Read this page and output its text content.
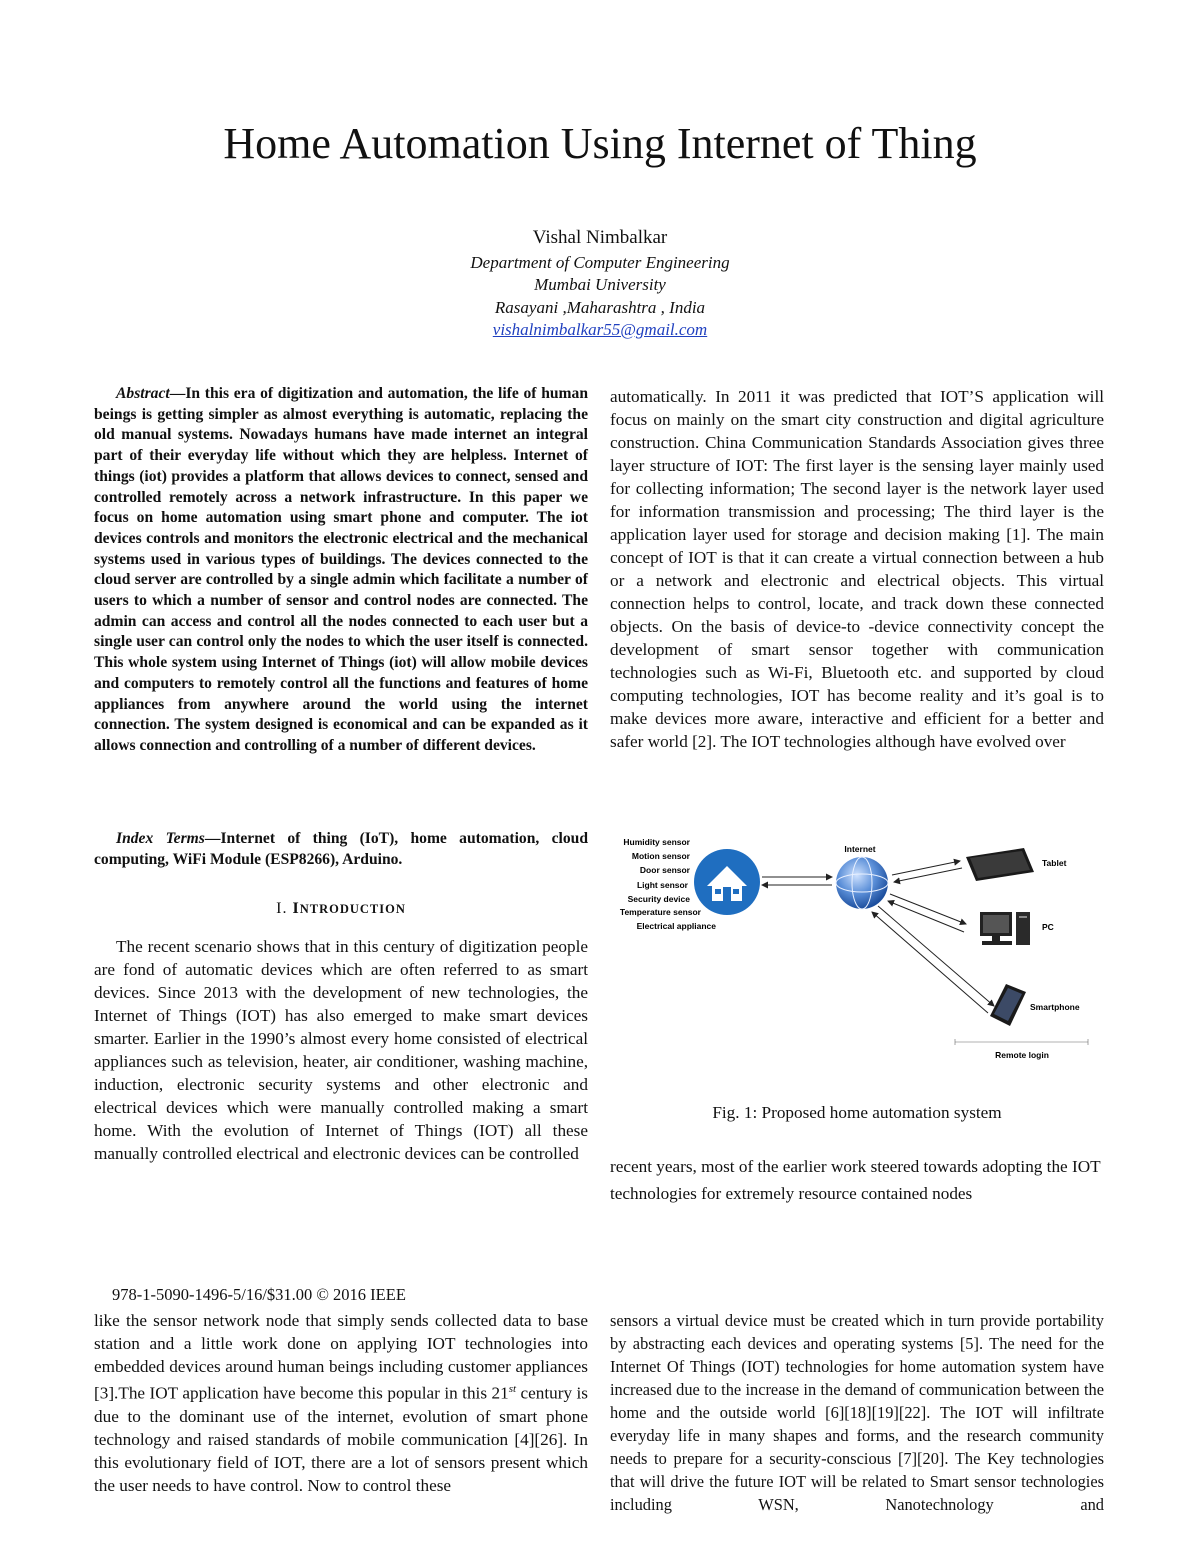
Home Automation Using Internet of Thing
Vishal Nimbalkar
Department of Computer Engineering
Mumbai University
Rasayani ,Maharashtra , India
vishalnimbalkar55@gmail.com
Abstract—In this era of digitization and automation, the life of human beings is getting simpler as almost everything is automatic, replacing the old manual systems. Nowadays humans have made internet an integral part of their everyday life without which they are helpless. Internet of things (iot) provides a platform that allows devices to connect, sensed and controlled remotely across a network infrastructure. In this paper we focus on home automation using smart phone and computer. The iot devices controls and monitors the electronic electrical and the mechanical systems used in various types of buildings. The devices connected to the cloud server are controlled by a single admin which facilitate a number of users to which a number of sensor and control nodes are connected. The admin can access and control all the nodes connected to each user but a single user can control only the nodes to which the user itself is connected. This whole system using Internet of Things (iot) will allow mobile devices and computers to remotely control all the functions and features of home appliances from anywhere around the world using the internet connection. The system designed is economical and can be expanded as it allows connection and controlling of a number of different devices.
Index Terms—Internet of thing (IoT), home automation, cloud computing, WiFi Module (ESP8266), Arduino.
I. INTRODUCTION
The recent scenario shows that in this century of digitization people are fond of automatic devices which are often referred to as smart devices. Since 2013 with the development of new technologies, the Internet of Things (IOT) has also emerged to make smart devices smarter. Earlier in the 1990’s almost every home consisted of electrical appliances such as television, heater, air conditioner, washing machine, induction, electronic security systems and other electronic and electrical devices which were manually controlled making a smart home. With the evolution of Internet of Things (IOT) all these manually controlled electrical and electronic devices can be controlled
automatically. In 2011 it was predicted that IOT’S application will focus on mainly on the smart city construction and digital agriculture construction. China Communication Standards Association gives three layer structure of IOT: The first layer is the sensing layer mainly used for collecting information; The second layer is the network layer used for information transmission and processing; The third layer is the application layer used for storage and decision making [1]. The main concept of IOT is that it can create a virtual connection between a hub or a network and electronic and electrical objects. This virtual connection helps to control, locate, and track down these connected objects. On the basis of device-to -device connectivity concept the development of smart sensor together with communication technologies such as Wi-Fi, Bluetooth etc. and supported by cloud computing technologies, IOT has become reality and it’s goal is to make devices more aware, interactive and efficient for a better and safer world [2]. The IOT technologies although have evolved over
Humidity sensor
Motion sensor
Door sensor
Light sensor
Security device
Temperature sensor
Electrical appliance
Internet
Tablet
PC
Smartphone
Remote login
Fig. 1: Proposed home automation system
recent years, most of the earlier work steered towards adopting the IOT technologies for extremely resource contained nodes
978-1-5090-1496-5/16/$31.00 © 2016 IEEE
like the sensor network node that simply sends collected data to base station and a little work done on applying IOT technologies into embedded devices around human beings including customer appliances [3].The IOT application have become this popular in this 21st century is due to the dominant use of the internet, evolution of smart phone technology and raised standards of mobile communication [4][26]. In this evolutionary field of IOT, there are a lot of sensors present which the user needs to have control. Now to control these
sensors a virtual device must be created which in turn provide portability by abstracting each devices and operating systems [5]. The need for the Internet Of Things (IOT) technologies for home automation system have increased due to the increase in the demand of communication between the home and the outside world [6][18][19][22]. The IOT will infiltrate everyday life in many shapes and forms, and the research community needs to prepare for a security-conscious [7][20]. The Key technologies that will drive the future IOT will be related to Smart sensor technologies including WSN, Nanotechnology and
